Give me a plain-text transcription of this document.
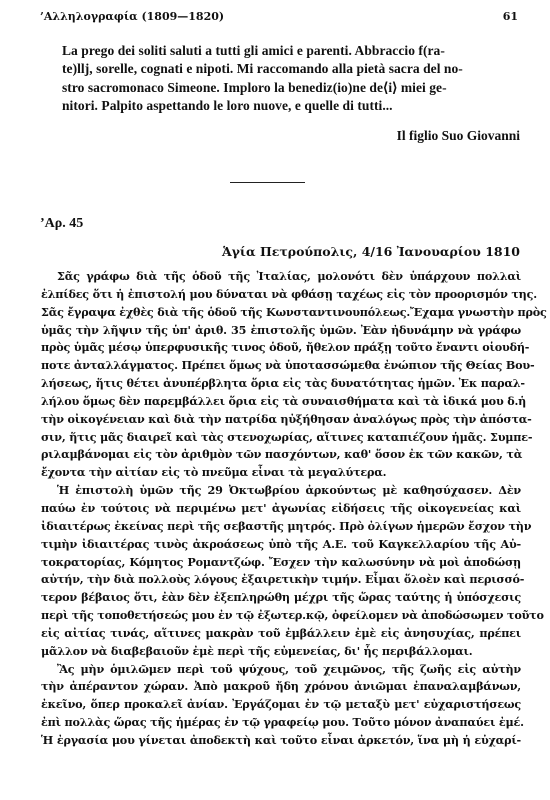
’Αλληλογραφία (1809—1820)	61
La prego dei soliti saluti a tutti gli amici e parenti. Abbraccio f(ra-
te)llj, sorelle, cognati e nipoti. Mi raccomando alla pietà sacra del no-
stro sacromonaco Simeone. Imploro la benediz(io)ne de⟨i⟩ miei ge-
nitori. Palpito aspettando le loro nuove, e quelle di tutti...
Il figlio Suo Giovanni
’Αρ. 45
Ἁγία Πετρούπολις, 4/16 Ἰανουαρίου 1810
Σᾶς γράφω διὰ τῆς ὁδοῦ τῆς Ἰταλίας, μολονότι δὲν ὑπάρχουν πολλαὶ
ἐλπίδες ὅτι ἡ ἐπιστολή μου δύναται νὰ φθάσῃ ταχέως εἰς τὸν προορισμόν της.
Σᾶς ἔγραψα ἐχθὲς διὰ τῆς ὁδοῦ τῆς Κωνσταντινουπόλεως.Ἔχαμα γνωστὴν πρὸς
ὑμᾶς τὴν λῆψιν τῆς ὑπ' ἀριθ. 35 ἐπιστολῆς ὑμῶν. Ἐὰν ἠδυνάμην νὰ γράφω
πρὸς ὑμᾶς μέσῳ ὑπερφυσικῆς τινος ὁδοῦ, ἤθελον πράξῃ τοῦτο ἔναντι οἱουδή-
ποτε ἀνταλλάγματος. Πρέπει ὅμως νὰ ὑποτασσώμεθα ἐνώπιον τῆς Θείας Βου-
λήσεως, ἥτις θέτει ἀνυπέρβλητα ὅρια εἰς τὰς δυνατότητας ἡμῶν. Ἐκ παραλ-
λήλου ὅμως δὲν παρεμβάλλει ὅρια εἰς τὰ συναισθήματα καὶ τὰ ἰδικά μου δ.ἡ
τὴν οἰκογένειαν καὶ διὰ τὴν πατρίδα ηὐξήθησαν ἀναλόγως πρὸς τὴν ἀπόστα-
σιν, ἥτις μᾶς διαιρεῖ καὶ τὰς στενοχωρίας, αἵτινες καταπιέζουν ἡμᾶς. Συμπε-
ριλαμβάνομαι εἰς τὸν ἀριθμὸν τῶν πασχόντων, καθ' ὅσον ἐκ τῶν κακῶν, τὰ
ἔχοντα τὴν αἰτίαν εἰς τὸ πνεῦμα εἶναι τὰ μεγαλύτερα.
Ἡ ἐπιστολὴ ὑμῶν τῆς 29 Ὀκτωβρίου ἀρκούντως μὲ καθησύχασεν. Δὲν
παύω ἐν τούτοις νὰ περιμένω μετ' ἀγωνίας εἰδήσεις τῆς οἰκογενείας καὶ
ἰδιαιτέρως ἐκείνας περὶ τῆς σεβαστῆς μητρός. Πρὸ ὀλίγων ἡμερῶν ἔσχον τὴν
τιμὴν ἰδιαιτέρας τινὸς ἀκροάσεως ὑπὸ τῆς Α.Ε. τοῦ Καγκελλαρίου τῆς Αὐ-
τοκρατορίας, Κόμητος Ρομαντζώφ. Ἔσχεν τὴν καλωσύνην νὰ μοὶ ἀποδώσῃ
αὐτήν, τὴν διὰ πολλοὺς λόγους ἐξαιρετικὴν τιμήν. Εἶμαι ὅλοὲν καὶ περισσό-
τερον βέβαιος ὅτι, ἐὰν δὲν ἐξεπληρώθη μέχρι τῆς ὥρας ταύτης ἡ ὑπόσχεσις
περὶ τῆς τοποθετήσεώς μου ἐν τῷ ἐξωτερ.κῷ, ὀφείλομεν νὰ ἀποδώσωμεν τοῦτο
εἰς αἰτίας τινάς, αἵτινες μακρὰν τοῦ ἐμβάλλειν ἐμὲ εἰς ἀνησυχίας, πρέπει
μᾶλλον νὰ διαβεβαιοῦν ἐμὲ περὶ τῆς εὐμενείας, δι' ἧς περιβάλλομαι.
Ἂς μὴν ὁμιλῶμεν περὶ τοῦ ψύχους, τοῦ χειμῶνος, τῆς ζωῆς εἰς αὐτὴν
τὴν ἀπέραντον χώραν. Ἀπὸ μακροῦ ἤδη χρόνου ἀνιῶμαι ἐπαναλαμβάνων,
ἐκεῖνο, ὅπερ προκαλεῖ ἀνίαν. Ἐργάζομαι ἐν τῷ μεταξὺ μετ' εὐχαριστήσεως
ἐπὶ πολλὰς ὥρας τῆς ἡμέρας ἐν τῷ γραφείῳ μου. Τοῦτο μόνον ἀναπαύει ἐμέ.
Ἡ ἐργασία μου γίνεται ἀποδεκτὴ καὶ τοῦτο εἶναι ἀρκετόν, ἵνα μὴ ἡ εὐχαρί-
